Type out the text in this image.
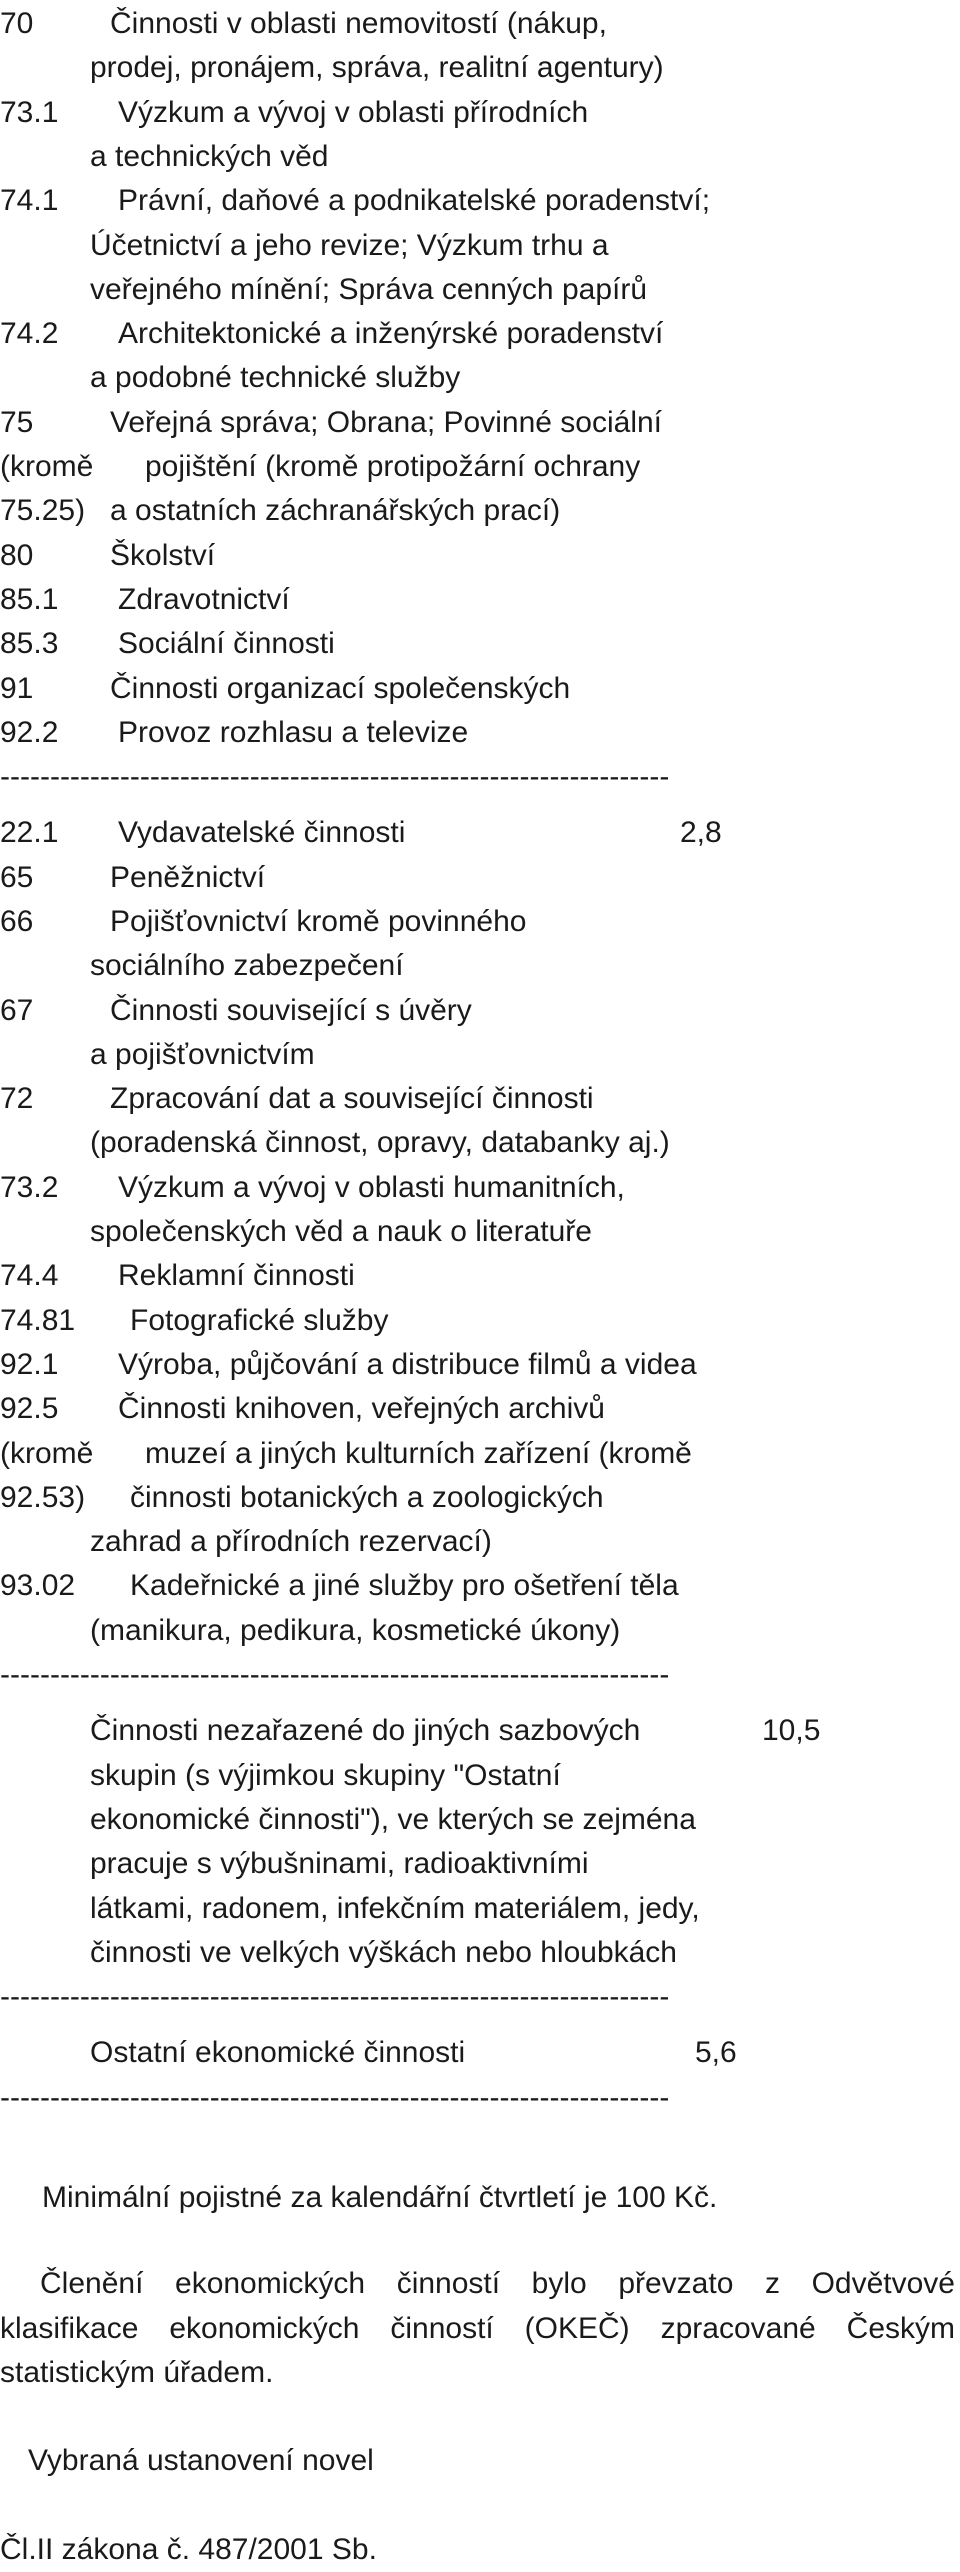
70	Činnosti v oblasti nemovitostí (nákup,
prodej, pronájem, správa, realitní agentury)
73.1 Výzkum a vývoj v oblasti přírodních
a technických věd
74.1 Právní, daňové a podnikatelské poradenství;
Účetnictví a jeho revize; Výzkum trhu a
veřejného mínění; Správa cenných papírů
74.2 Architektonické a inženýrské poradenství
a podobné technické služby
75	Veřejná správa; Obrana; Povinné sociální
(kromě pojištění (kromě protipožární ochrany
75.25) a ostatních záchranářských prací)
80	Školství
85.1 Zdravotnictví
85.3 Sociální činnosti
91	Činnosti organizací společenských
92.2 Provoz rozhlasu a televize
-------------------------------------------------------------------
22.1 Vydavatelské činnosti	2,8
65	Peněžnictví
66	Pojišťovnictví kromě povinného
sociálního zabezpečení
67	Činnosti související s úvěry
a pojišťovnictvím
72	Zpracování dat a související činnosti
(poradenská činnost, opravy, databanky aj.)
73.2 Výzkum a vývoj v oblasti humanitních,
společenských věd a nauk o literatuře
74.4 Reklamní činnosti
74.81 Fotografické služby
92.1 Výroba, půjčování a distribuce filmů a videa
92.5 Činnosti knihoven, veřejných archivů
(kromě muzeí a jiných kulturních zařízení (kromě
92.53) činnosti botanických a zoologických
zahrad a přírodních rezervací)
93.02 Kadeřnické a jiné služby pro ošetření těla
(manikura, pedikura, kosmetické úkony)
-------------------------------------------------------------------
Činnosti nezařazené do jiných sazbových	10,5
skupin (s výjimkou skupiny "Ostatní
ekonomické činnosti"), ve kterých se zejména
pracuje s výbušninami, radioaktivními
látkami, radonem, infekčním materiálem, jedy,
činnosti ve velkých výškách nebo hloubkách
-------------------------------------------------------------------
Ostatní ekonomické činnosti	5,6
-------------------------------------------------------------------

Minimální pojistné za kalendářní čtvrtletí je 100 Kč.

Členění ekonomických činností bylo převzato z Odvětvové
klasifikace ekonomických činností (OKEČ) zpracované Českým
statistickým úřadem.
Vybraná ustanovení novel
Čl.II zákona č. 487/2001 Sb.
